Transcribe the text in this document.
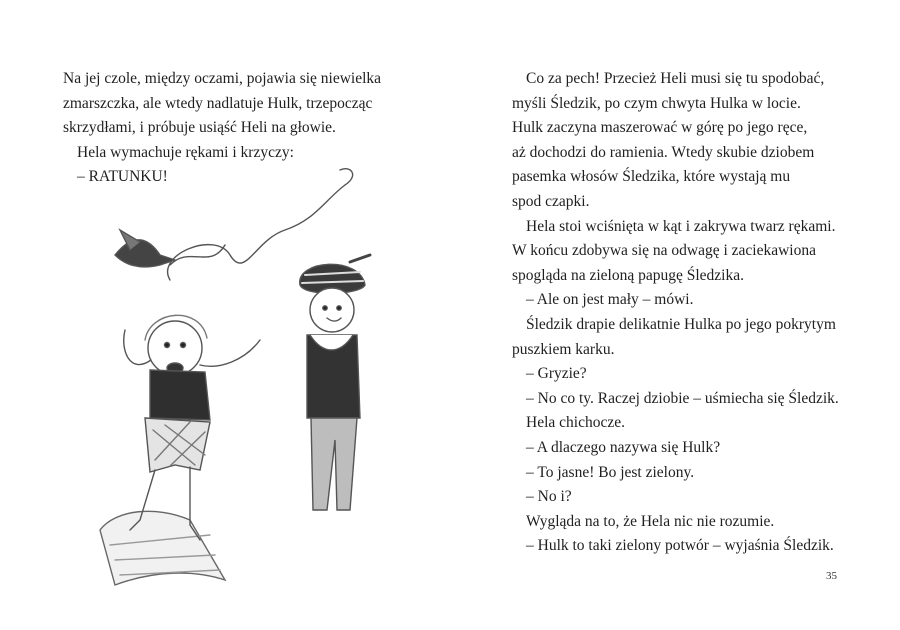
Na jej czole, między oczami, pojawia się niewielka
zmarszczka, ale wtedy nadlatuje Hulk, trzepocząc
skrzydłami, i próbuje usiąść Heli na głowie.
Hela wymachuje rękami i krzyczy:
– RATUNKU!
Co za pech! Przecież Heli musi się tu spodobać,
myśli Śledzik, po czym chwyta Hulka w locie.
Hulk zaczyna maszerować w górę po jego ręce,
aż dochodzi do ramienia. Wtedy skubie dziobem
pasemka włosów Śledzika, które wystają mu
spod czapki.
Hela stoi wciśnięta w kąt i zakrywa twarz rękami.
W końcu zdobywa się na odwagę i zaciekawiona
spogląda na zieloną papugę Śledzika.
– Ale on jest mały – mówi.
Śledzik drapie delikatnie Hulka po jego pokrytym
puszkiem karku.
– Gryzie?
– No co ty. Raczej dziobie – uśmiecha się Śledzik.
Hela chichocze.
– A dlaczego nazywa się Hulk?
– To jasne! Bo jest zielony.
– No i?
Wygląda na to, że Hela nic nie rozumie.
– Hulk to taki zielony potwór – wyjaśnia Śledzik.
35
